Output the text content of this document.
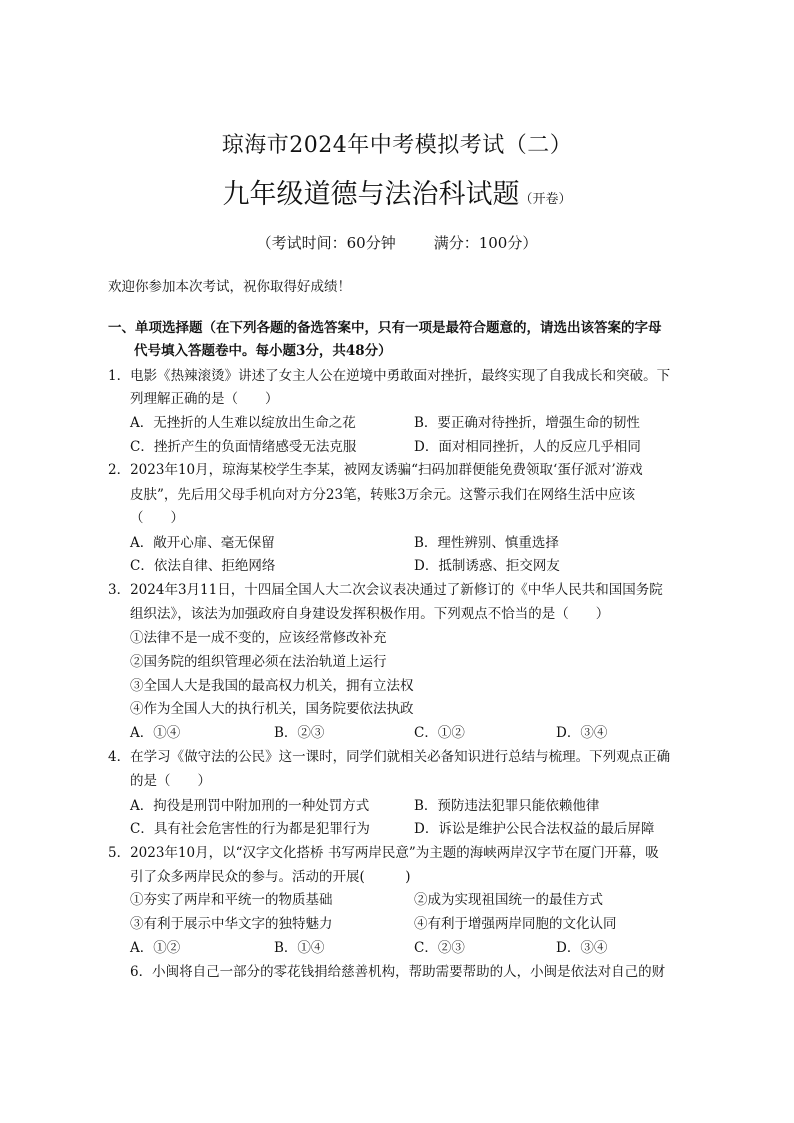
琼海市2024年中考模拟考试（二）
九年级道德与法治科试题（开卷）
（考试时间：60分钟	满分：100分）
欢迎你参加本次考试，祝你取得好成绩！
一、单项选择题（在下列各题的备选答案中，只有一项是最符合题意的，请选出该答案的字母
代号填入答题卷中。每小题3分，共48分）
1．电影《热辣滚烫》讲述了女主人公在逆境中勇敢面对挫折，最终实现了自我成长和突破。下
列理解正确的是（　　）
A．无挫折的人生难以绽放出生命之花	B．要正确对待挫折，增强生命的韧性
C．挫折产生的负面情绪感受无法克服	D．面对相同挫折，人的反应几乎相同
2．2023年10月，琼海某校学生李某，被网友诱骗“扫码加群便能免费领取‘蛋仔派对’游戏
皮肤”，先后用父母手机向对方分23笔，转账3万余元。这警示我们在网络生活中应该
（　　）
A．敞开心扉、毫无保留	B．理性辨别、慎重选择
C．依法自律、拒绝网络	D．抵制诱惑、拒交网友
3．2024年3月11日，十四届全国人大二次会议表决通过了新修订的《中华人民共和国国务院
组织法》，该法为加强政府自身建设发挥积极作用。下列观点不恰当的是（　　）
①法律不是一成不变的，应该经常修改补充
②国务院的组织管理必须在法治轨道上运行
③全国人大是我国的最高权力机关，拥有立法权
④作为全国人大的执行机关，国务院要依法执政
A．①④	B．②③	C．①②	D．③④
4．在学习《做守法的公民》这一课时，同学们就相关必备知识进行总结与梳理。下列观点正确
的是（　　）
A．拘役是刑罚中附加刑的一种处罚方式	B．预防违法犯罪只能依赖他律
C．具有社会危害性的行为都是犯罪行为	D．诉讼是维护公民合法权益的最后屏障
5．2023年10月，以“汉字文化搭桥 书写两岸民意”为主题的海峡两岸汉字节在厦门开幕，吸
引了众多两岸民众的参与。活动的开展(　　　)
①夯实了两岸和平统一的物质基础	②成为实现祖国统一的最佳方式
③有利于展示中华文字的独特魅力	④有利于增强两岸同胞的文化认同
A．①②	B．①④	C．②③	D．③④
6．小闽将自己一部分的零花钱捐给慈善机构，帮助需要帮助的人，小闽是依法对自己的财
